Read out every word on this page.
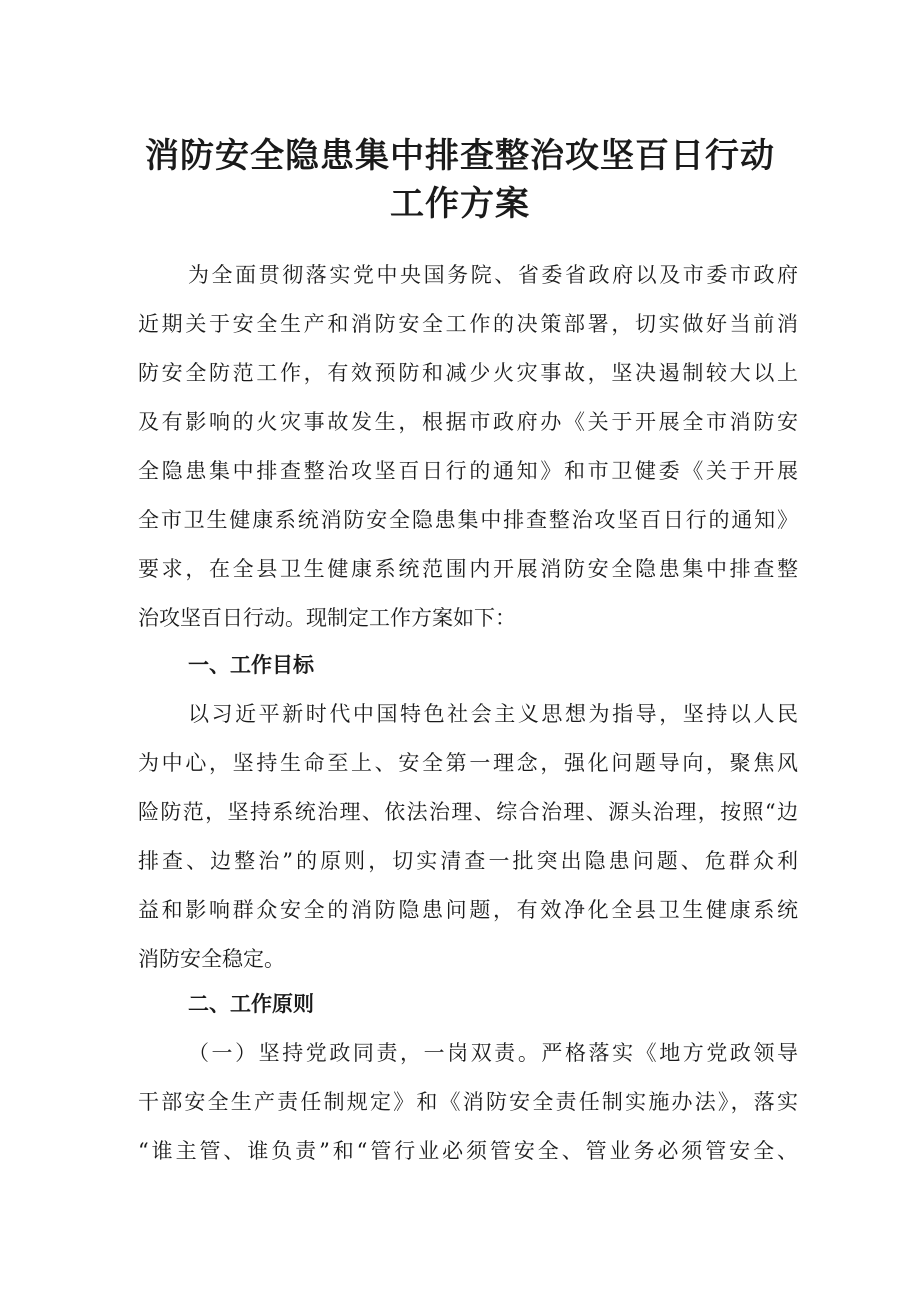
消防安全隐患集中排查整治攻坚百日行动
工作方案
为全面贯彻落实党中央国务院、省委省政府以及市委市政府
近期关于安全生产和消防安全工作的决策部署，切实做好当前消
防安全防范工作，有效预防和减少火灾事故，坚决遏制较大以上
及有影响的火灾事故发生，根据市政府办《关于开展全市消防安
全隐患集中排查整治攻坚百日行的通知》和市卫健委《关于开展
全市卫生健康系统消防安全隐患集中排查整治攻坚百日行的通知》
要求，在全县卫生健康系统范围内开展消防安全隐患集中排查整
治攻坚百日行动。现制定工作方案如下：
一、工作目标
以习近平新时代中国特色社会主义思想为指导，坚持以人民
为中心，坚持生命至上、安全第一理念，强化问题导向，聚焦风
险防范，坚持系统治理、依法治理、综合治理、源头治理，按照“边
排查、边整治”的原则，切实清查一批突出隐患问题、危群众利
益和影响群众安全的消防隐患问题，有效净化全县卫生健康系统
消防安全稳定。
二、工作原则
（一）坚持党政同责，一岗双责。严格落实《地方党政领导
干部安全生产责任制规定》和《消防安全责任制实施办法》，落实
“谁主管、谁负责”和“管行业必须管安全、管业务必须管安全、
